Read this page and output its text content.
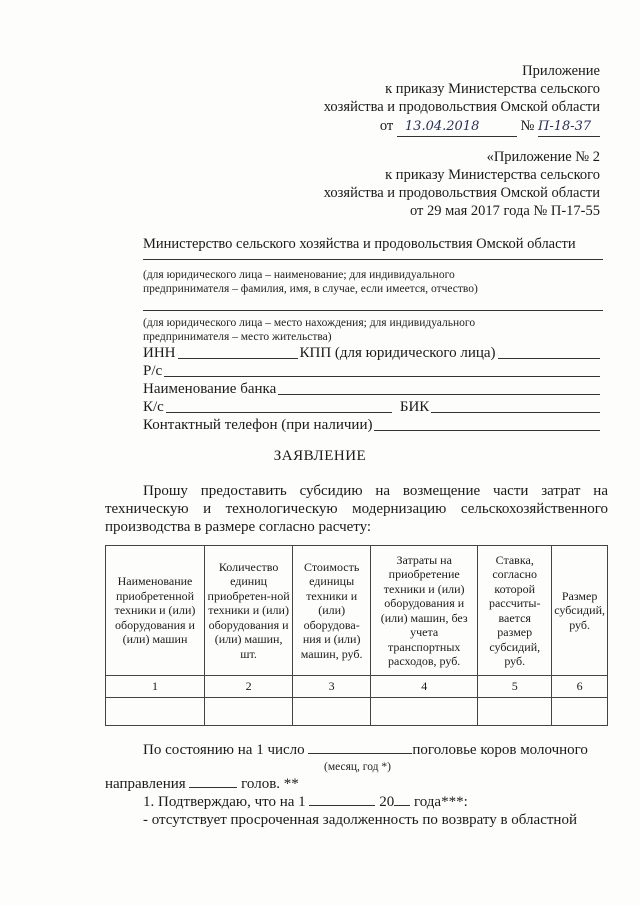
Приложение
к приказу Министерства сельского
хозяйства и продовольствия Омской области
от 13.04.2018	№ П-18-37
«Приложение № 2
к приказу Министерства сельского
хозяйства и продовольствия Омской области
от 29 мая 2017 года № П-17-55
Министерство сельского хозяйства и продовольствия Омской области
(для юридического лица – наименование; для индивидуального предпринимателя – фамилия, имя, в случае, если имеется, отчество)
(для юридического лица – место нахождения; для индивидуального предпринимателя – место жительства)
ИНН	КПП (для юридического лица)
Р/с
Наименование банка
К/с	БИК
Контактный телефон (при наличии)
ЗАЯВЛЕНИЕ
Прошу предоставить субсидию на возмещение части затрат на техническую и технологическую модернизацию сельскохозяйственного производства в размере согласно расчету:
Наименование приобретенной техники и (или) оборудования и (или) машин	Количество единиц приобретен-ной техники и (или) оборудования и (или) машин, шт.	Стоимость единицы техники и (или) оборудова-ния и (или) машин, руб.	Затраты на приобретение техники и (или) оборудования и (или) машин, без учета транспортных расходов, руб.	Ставка, согласно которой рассчиты-вается размер субсидий, руб.	Размер субсидий, руб.
1	2	3	4	5	6

По состоянию на 1 число	поголовье коров молочного
(месяц, год *)
направления	голов. **
1. Подтверждаю, что на 1	20 года***:
- отсутствует просроченная задолженность по возврату в областной
